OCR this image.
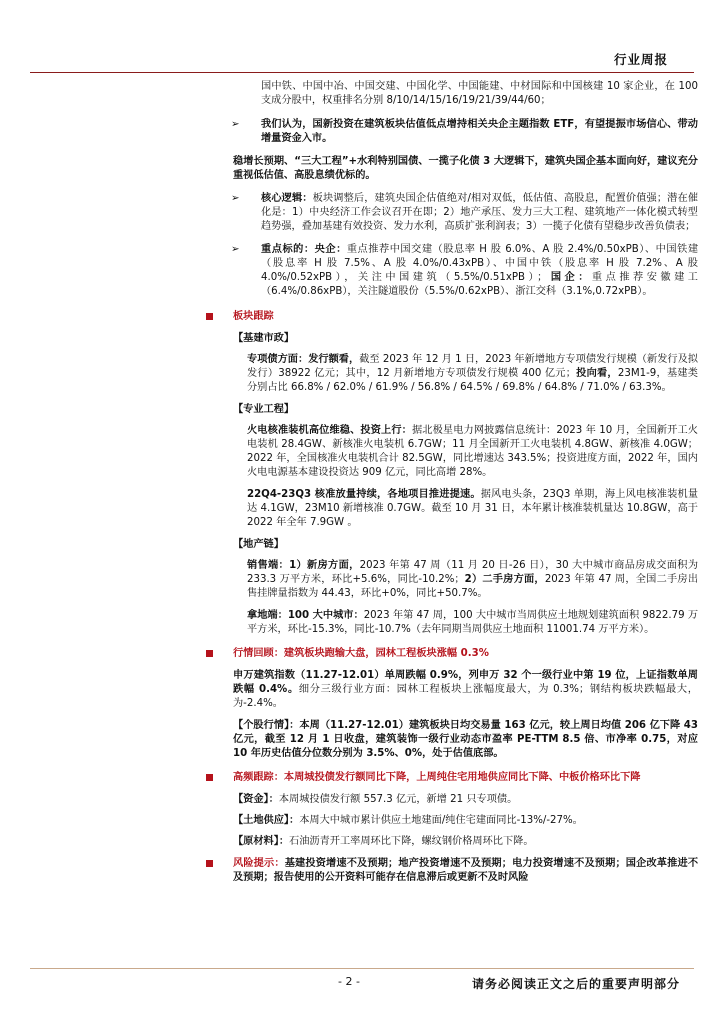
行业周报

国中铁、中国中冶、中国交建、中国化学、中国能建、中材国际和中国核建 10 家企业，在 100 支成分股中，权重排名分别 8/10/14/15/16/19/21/39/44/60；

➢ 我们认为，国新投资在建筑板块估值低点增持相关央企主题指数 ETF，有望提振市场信心、带动增量资金入市。

稳增长预期、“三大工程”+水利特别国债、一揽子化债 3 大逻辑下，建筑央国企基本面向好，建议充分重视低估值、高股息绩优标的。

➢ 核心逻辑：板块调整后，建筑央国企估值绝对/相对双低，低估值、高股息，配置价值强；潜在催化是：1）中央经济工作会议召开在即；2）地产承压、发力三大工程、建筑地产一体化模式转型趋势强，叠加基建有效投资、发力水利，高质扩张利润表；3）一揽子化债有望稳步改善负债表；

➢ 重点标的：央企：重点推荐中国交建（股息率 H 股 6.0%、A 股 2.4%/0.50xPB）、中国铁建（股息率 H 股 7.5%、A 股 4.0%/0.43xPB）、中国中铁（股息率 H 股 7.2%、A 股 4.0%/0.52xPB），关注中国建筑（5.5%/0.51xPB）；国企：重点推荐安徽建工（6.4%/0.86xPB），关注隧道股份（5.5%/0.62xPB）、浙江交科（3.1%,0.72xPB）。

板块跟踪

【基建市政】

专项债方面：发行额看，截至 2023 年 12 月 1 日，2023 年新增地方专项债发行规模（新发行及拟发行）38922 亿元；其中，12 月新增地方专项债发行规模 400 亿元；投向看，23M1-9，基建类分别占比 66.8% / 62.0% / 61.9% / 56.8% / 64.5% / 69.8% / 64.8% / 71.0% / 63.3%。

【专业工程】

火电核准装机高位维稳、投资上行：据北极星电力网披露信息统计：2023 年 10 月，全国新开工火电装机 28.4GW、新核准火电装机 6.7GW；11 月全国新开工火电装机 4.8GW、新核准 4.0GW；2022 年，全国核准火电装机合计 82.5GW，同比增速达 343.5%；投资进度方面，2022 年，国内火电电源基本建设投资达 909 亿元，同比高增 28%。

22Q4-23Q3 核准放量持续，各地项目推进提速。据风电头条，23Q3 单期，海上风电核准装机量达 4.1GW，23M10 新增核准 0.7GW。截至 10 月 31 日，本年累计核准装机量达 10.8GW，高于 2022 年全年 7.9GW 。

【地产链】

销售端：1）新房方面，2023 年第 47 周（11 月 20 日-26 日），30 大中城市商品房成交面积为 233.3 万平方米，环比+5.6%，同比-10.2%；2）二手房方面，2023 年第 47 周，全国二手房出售挂牌量指数为 44.43，环比+0%，同比+50.7%。

拿地端：100 大中城市：2023 年第 47 周，100 大中城市当周供应土地规划建筑面积 9822.79 万平方米，环比-15.3%，同比-10.7%（去年同期当周供应土地面积 11001.74 万平方米）。

行情回顾：建筑板块跑输大盘，园林工程板块涨幅 0.3%

申万建筑指数（11.27-12.01）单周跌幅 0.9%，列申万 32 个一级行业中第 19 位，上证指数单周跌幅 0.4%。细分三级行业方面：园林工程板块上涨幅度最大，为 0.3%；钢结构板块跌幅最大，为-2.4%。

【个股行情】：本周（11.27-12.01）建筑板块日均交易量 163 亿元，较上周日均值 206 亿下降 43 亿元，截至 12 月 1 日收盘，建筑装饰一级行业动态市盈率 PE-TTM 8.5 倍、市净率 0.75，对应 10 年历史估值分位数分别为 3.5%、0%，处于估值底部。

高频跟踪：本周城投债发行额同比下降，上周纯住宅用地供应同比下降、中板价格环比下降

【资金】：本周城投债发行额 557.3 亿元，新增 21 只专项债。

【土地供应】：本周大中城市累计供应土地建面/纯住宅建面同比-13%/-27%。

【原材料】：石油沥青开工率周环比下降，螺纹钢价格周环比下降。

风险提示：基建投资增速不及预期；地产投资增速不及预期；电力投资增速不及预期；国企改革推进不及预期；报告使用的公开资料可能存在信息滞后或更新不及时风险

- 2 -	请务必阅读正文之后的重要声明部分
